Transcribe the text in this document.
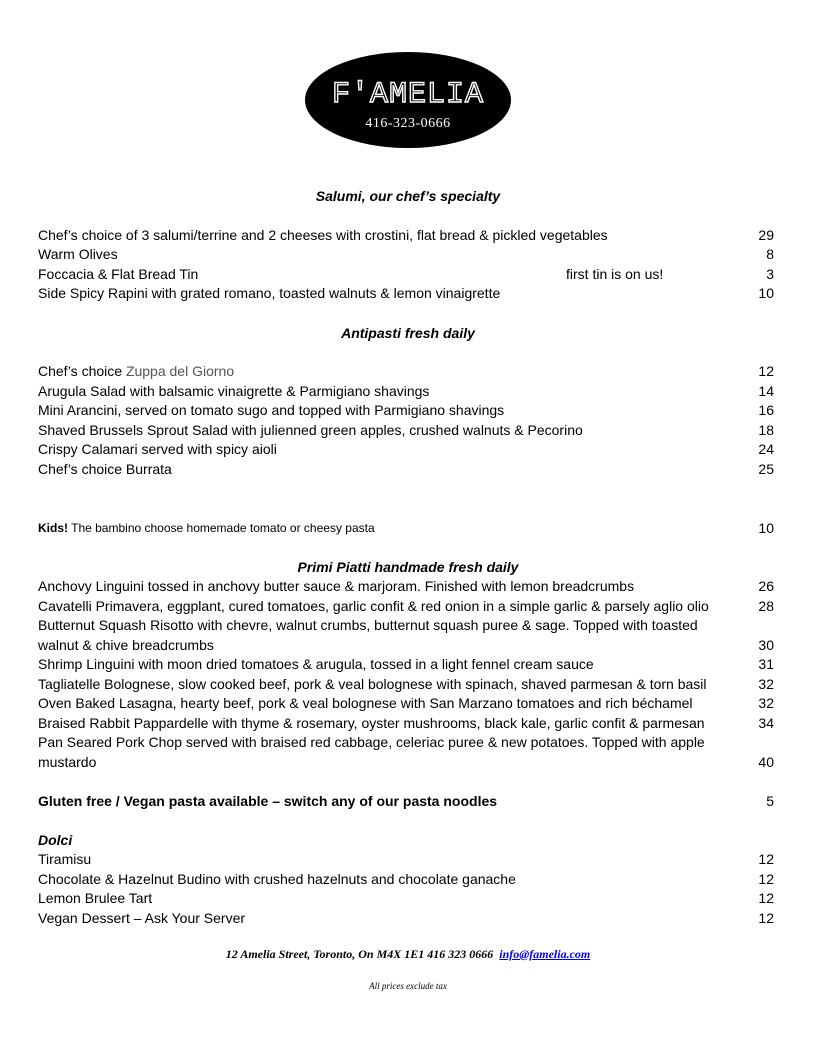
F'AMELIA
416-323-0666
Salumi, our chef’s specialty
Chef’s choice of 3 salumi/terrine and 2 cheeses with crostini, flat bread & pickled vegetables	29
Warm Olives	8
Foccacia & Flat Bread Tin	first tin is on us!	3
Side Spicy Rapini with grated romano, toasted walnuts & lemon vinaigrette	10
Antipasti fresh daily
Chef’s choice Zuppa del Giorno	12
Arugula Salad with balsamic vinaigrette & Parmigiano shavings	14
Mini Arancini, served on tomato sugo and topped with Parmigiano shavings	16
Shaved Brussels Sprout Salad with julienned green apples, crushed walnuts & Pecorino	18
Crispy Calamari served with spicy aioli	24
Chef’s choice Burrata	25
Kids! The bambino choose homemade tomato or cheesy pasta	10
Primi Piatti handmade fresh daily
Anchovy Linguini tossed in anchovy butter sauce & marjoram. Finished with lemon breadcrumbs	26
Cavatelli Primavera, eggplant, cured tomatoes, garlic confit & red onion in a simple garlic & parsely aglio olio	28
Butternut Squash Risotto with chevre, walnut crumbs, butternut squash puree & sage. Topped with toasted
walnut & chive breadcrumbs	30
Shrimp Linguini with moon dried tomatoes & arugula, tossed in a light fennel cream sauce	31
Tagliatelle Bolognese, slow cooked beef, pork & veal bolognese with spinach, shaved parmesan & torn basil	32
Oven Baked Lasagna, hearty beef, pork & veal bolognese with San Marzano tomatoes and rich béchamel	32
Braised Rabbit Pappardelle with thyme & rosemary, oyster mushrooms, black kale, garlic confit & parmesan	34
Pan Seared Pork Chop served with braised red cabbage, celeriac puree & new potatoes. Topped with apple
mustardo	40
Gluten free / Vegan pasta available – switch any of our pasta noodles	5
Dolci
Tiramisu	12
Chocolate & Hazelnut Budino with crushed hazelnuts and chocolate ganache	12
Lemon Brulee Tart	12
Vegan Dessert – Ask Your Server	12
12 Amelia Street, Toronto, On M4X 1E1 416 323 0666 info@famelia.com
All prices exclude tax
